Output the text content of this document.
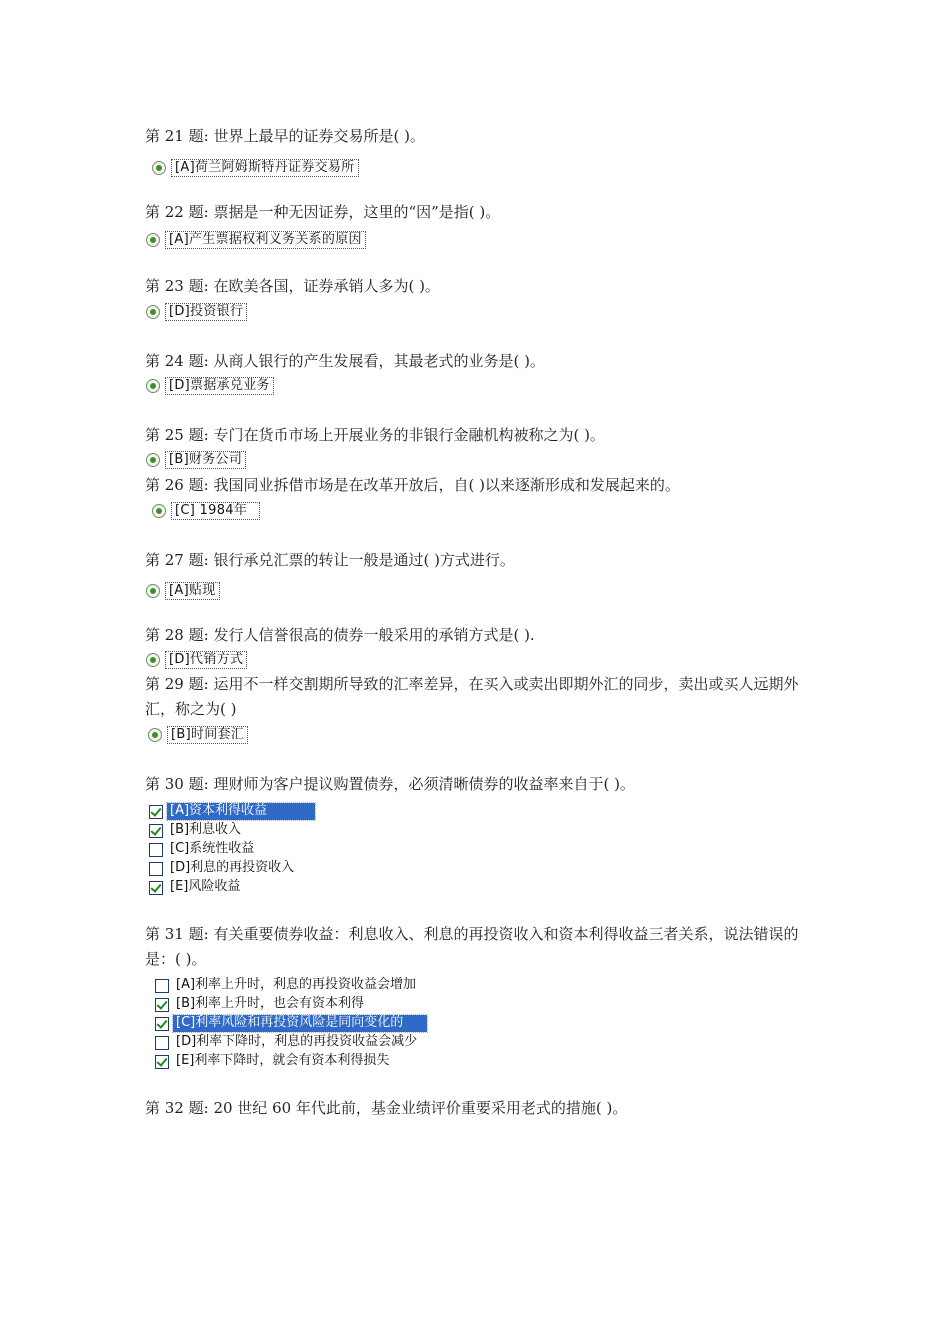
第 21 题: 世界上最早的证券交易所是( )。
[A]荷兰阿姆斯特丹证券交易所
第 22 题: 票据是一种无因证券，这里的“因”是指( )。
[A]产生票据权利义务关系的原因
第 23 题: 在欧美各国，证券承销人多为( )。
[D]投资银行
第 24 题: 从商人银行的产生发展看，其最老式的业务是( )。
[D]票据承兑业务
第 25 题: 专门在货币市场上开展业务的非银行金融机构被称之为( )。
[B]财务公司
第 26 题: 我国同业拆借市场是在改革开放后，自( )以来逐渐形成和发展起来的。
[C] 1984年
第 27 题: 银行承兑汇票的转让一般是通过( )方式进行。
[A]贴现
第 28 题: 发行人信誉很高的债券一般采用的承销方式是( ).
[D]代销方式
第 29 题: 运用不一样交割期所导致的汇率差异，在买入或卖出即期外汇的同步，卖出或买人远期外汇，称之为( )
[B]时间套汇
第 30 题: 理财师为客户提议购置债券，必须清晰债券的收益率来自于( )。
[A]资本利得收益
[B]利息收入
[C]系统性收益
[D]利息的再投资收入
[E]风险收益
第 31 题: 有关重要债券收益：利息收入、利息的再投资收入和资本利得收益三者关系，说法错误的是：( )。
[A]利率上升时，利息的再投资收益会增加
[B]利率上升时，也会有资本利得
[C]利率风险和再投资风险是同向变化的
[D]利率下降时，利息的再投资收益会减少
[E]利率下降时，就会有资本利得损失
第 32 题: 20 世纪 60 年代此前，基金业绩评价重要采用老式的措施( )。
